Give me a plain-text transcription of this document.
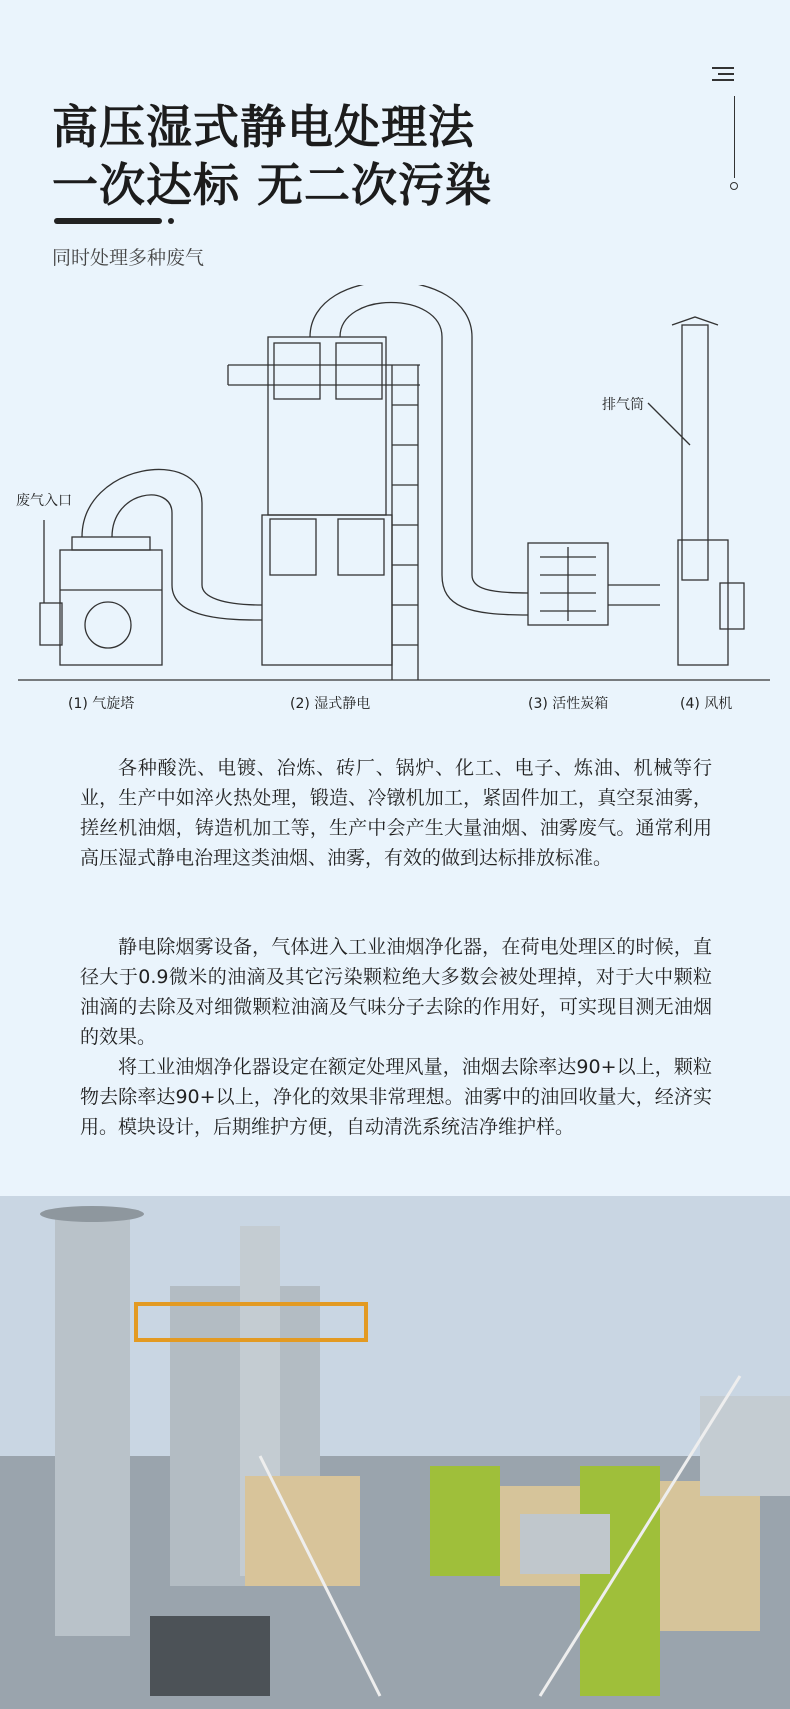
高压湿式静电处理法
一次达标 无二次污染
同时处理多种废气
废气入口
排气筒
(1) 气旋塔	(2) 湿式静电	(3) 活性炭箱	(4) 风机

各种酸洗、电镀、冶炼、砖厂、锅炉、化工、电子、炼油、机械等行业，生产中如淬火热处理，锻造、冷镦机加工，紧固件加工，真空泵油雾，搓丝机油烟，铸造机加工等，生产中会产生大量油烟、油雾废气。通常利用高压湿式静电治理这类油烟、油雾，有效的做到达标排放标准。

静电除烟雾设备，气体进入工业油烟净化器，在荷电处理区的时候，直径大于0.9微米的油滴及其它污染颗粒绝大多数会被处理掉，对于大中颗粒油滴的去除及对细微颗粒油滴及气味分子去除的作用好，可实现目测无油烟的效果。

将工业油烟净化器设定在额定处理风量，油烟去除率达90+以上，颗粒物去除率达90+以上，净化的效果非常理想。油雾中的油回收量大，经济实用。模块设计，后期维护方便，自动清洗系统洁净维护样。
